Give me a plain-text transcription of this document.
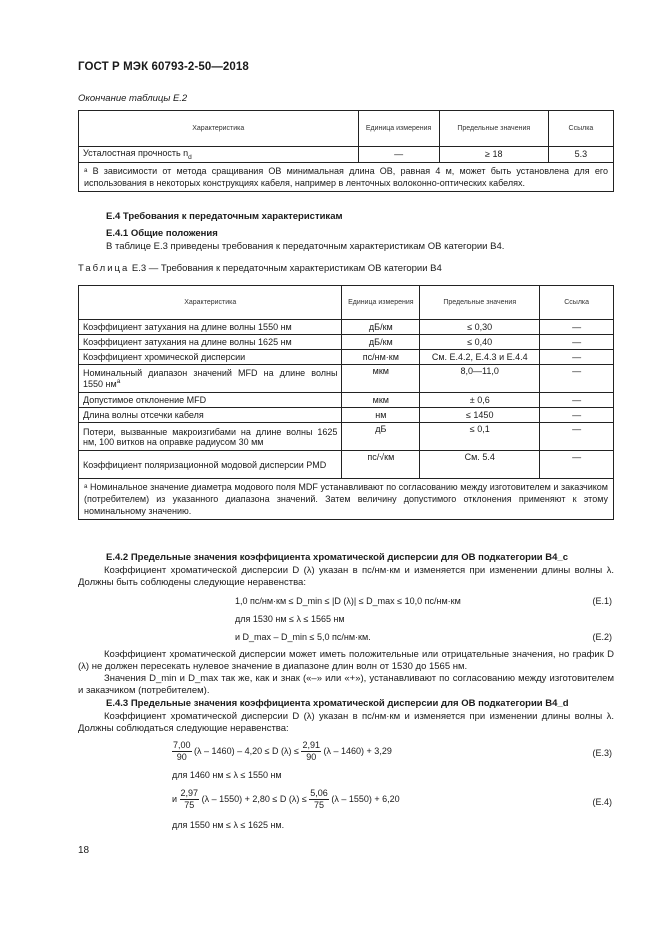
ГОСТ Р МЭК 60793-2-50—2018
Окончание таблицы Е.2
Характеристика	Единица измерения	Предельные значения	Ссылка
Усталостная прочность $n_d$	—	≥ 18	5.3
ᵃ В зависимости от метода сращивания ОВ минимальная длина ОВ, равная 4 м, может быть установлена для его использования в некоторых конструкциях кабеля, например в ленточных волоконно-оптических кабелях.			
Е.4 Требования к передаточным характеристикам
Е.4.1 Общие положения
В таблице Е.3 приведены требования к передаточным характеристикам ОВ категории В4.
Таблица Е.3 — Требования к передаточным характеристикам ОВ категории В4
Характеристика	Единица измерения	Предельные значения	Ссылка
Коэффициент затухания на длине волны 1550 нм	дБ/км	≤ 0,30	—
Коэффициент затухания на длине волны 1625 нм	дБ/км	≤ 0,40	—
Коэффициент хромической дисперсии	пс/нм·км	См. Е.4.2, Е.4.3 и Е.4.4	—
Номинальный диапазон значений MFD на длине волны 1550 $нм^a$	мкм	8,0—11,0	—
Допустимое отклонение MFD	мкм	± 0,6	—
Длина волны отсечки кабеля	нм	≤ 1450	—
Потери, вызванные макроизгибами на длине волны 1625 нм, 100 витков на оправке радиусом 30 мм	дБ	≤ 0,1	—
Коэффициент поляризационной модовой дисперсии PMD	пс/√км	См. 5.4	—
ᵃ Номинальное значение диаметра модового поля MDF устанавливают по согласованию между изготовителем и заказчиком (потребителем) из указанного диапазона значений. Затем величину допустимого отклонения применяют к этому номинальному значению.			
Е.4.2 Предельные значения коэффициента хроматической дисперсии для ОВ подкатегории В4_с
Коэффициент хроматической дисперсии D (λ) указан в пс/нм·км и изменяется при изменении длины волны λ. Должны быть соблюдены следующие неравенства:
1,0 пс/нм·км ≤ D_min ≤ |D (λ)| ≤ D_max ≤ 10,0 пс/нм·км	(Е.1)
для 1530 нм ≤ λ ≤ 1565 нм
и D_max – D_min ≤ 5,0 пс/нм·км.	(Е.2)
Коэффициент хроматической дисперсии может иметь положительные или отрицательные значения, но график D (λ) не должен пересекать нулевое значение в диапазоне длин волн от 1530 до 1565 нм.
Значения D_min и D_max так же, как и знак («–» или «+»), устанавливают по согласованию между изготовителем и заказчиком (потребителем).
Е.4.3 Предельные значения коэффициента хроматической дисперсии для ОВ подкатегории В4_d
Коэффициент хроматической дисперсии D (λ) указан в пс/нм·км и изменяется при изменении длины волны λ. Должны соблюдаться следующие неравенства:
$\frac{7,00}{90} (\lambda - 1460) - 4,20 \le D$ $(\lambda) \le \frac{2,91}{90} (\lambda - 1460) + 3,29$	(Е.3)
для 1460 нм ≤ λ ≤ 1550 нм
и $\frac{2,97}{75} (\lambda - 1550) + 2,80 \le D$ $(\lambda) \le \frac{5,06}{75} (\lambda - 1550) + 6,20$	(Е.4)
для 1550 нм ≤ λ ≤ 1625 нм.
18
